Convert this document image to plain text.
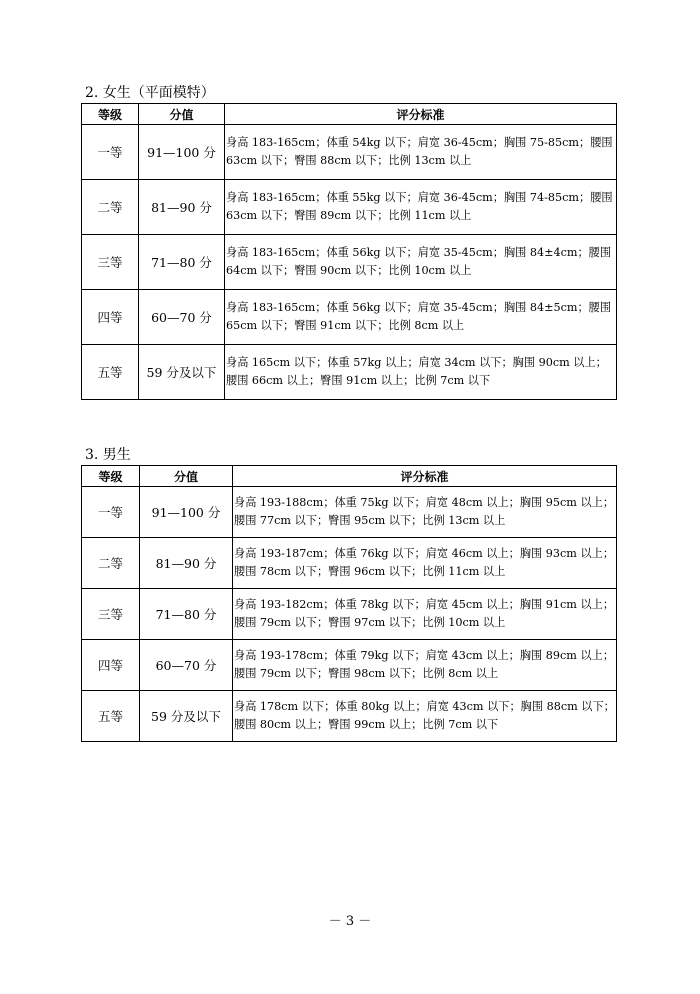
2. 女生（平面模特）
等级	分值	评分标准
一等	91—100 分	身高 183-165cm；体重 54kg 以下；肩宽 36-45cm；胸围 75-85cm；腰围 63cm 以下；臀围 88cm 以下；比例 13cm 以上
二等	81—90 分	身高 183-165cm；体重 55kg 以下；肩宽 36-45cm；胸围 74-85cm；腰围 63cm 以下；臀围 89cm 以下；比例 11cm 以上
三等	71—80 分	身高 183-165cm；体重 56kg 以下；肩宽 35-45cm；胸围 84±4cm；腰围 64cm 以下；臀围 90cm 以下；比例 10cm 以上
四等	60—70 分	身高 183-165cm；体重 56kg 以下；肩宽 35-45cm；胸围 84±5cm；腰围 65cm 以下；臀围 91cm 以下；比例 8cm 以上
五等	59 分及以下	身高 165cm 以下；体重 57kg 以上；肩宽 34cm 以下；胸围 90cm 以上；腰围 66cm 以上；臀围 91cm 以上；比例 7cm 以下
3. 男生
等级	分值	评分标准
一等	91—100 分	身高 193-188cm；体重 75kg 以下；肩宽 48cm 以上；胸围 95cm 以上；腰围 77cm 以下；臀围 95cm 以下；比例 13cm 以上
二等	81—90 分	身高 193-187cm；体重 76kg 以下；肩宽 46cm 以上；胸围 93cm 以上；腰围 78cm 以下；臀围 96cm 以下；比例 11cm 以上
三等	71—80 分	身高 193-182cm；体重 78kg 以下；肩宽 45cm 以上；胸围 91cm 以上；腰围 79cm 以下；臀围 97cm 以下；比例 10cm 以上
四等	60—70 分	身高 193-178cm；体重 79kg 以下；肩宽 43cm 以上；胸围 89cm 以上；腰围 79cm 以下；臀围 98cm 以下；比例 8cm 以上
五等	59 分及以下	身高 178cm 以下；体重 80kg 以上；肩宽 43cm 以下；胸围 88cm 以下；腰围 80cm 以上；臀围 99cm 以上；比例 7cm 以下
－ 3 －
